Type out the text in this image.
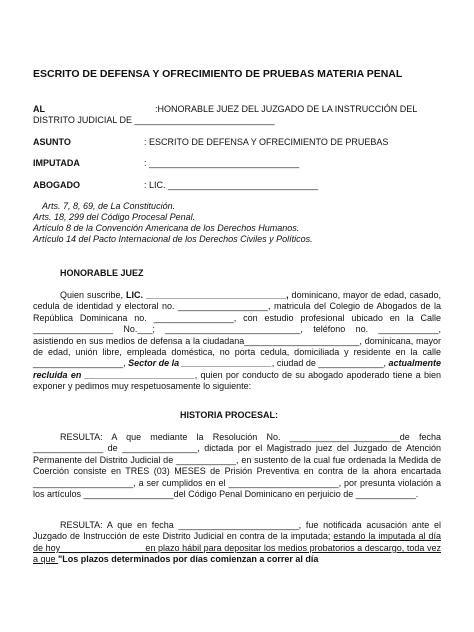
ESCRITO DE DEFENSA Y OFRECIMIENTO DE PRUEBAS MATERIA PENAL
AL	:HONORABLE JUEZ DEL JUZGADO DE LA INSTRUCCIÓN DEL
DISTRITO JUDICIAL DE ____________________________
ASUNTO	: ESCRITO DE DEFENSA Y OFRECIMIENTO DE PRUEBAS
IMPUTADA	: ______________________________
ABOGADO	: LIC. ______________________________
Arts. 7, 8, 69, de La Constitución.
Arts. 18, 299 del Código Procesal Penal.
Artículo 8 de la Convención Americana de los Derechos Humanos.
Artículo 14 del Pacto Internacional de los Derechos Civiles y Políticos.
HONORABLE JUEZ
Quien suscribe, LIC. ____________________________, dominicano, mayor de edad, casado, cedula de identidad y electoral no. __________________, matricula del Colegio de Abogados de la República Dominicana no. ________________, con estudio profesional ubicado en la Calle ________________ No.___; ___________________________, teléfono no. ____________, asistiendo en sus medios de defensa a la ciudadana_______________________, dominicana, mayor de edad, unión libre, empleada doméstica, no porta cedula, domiciliada y residente en la calle __________________, Sector de la __________________, ciudad de _____________, actualmente recluida en ______________________, quien por conducto de su abogado apoderado tiene a bien exponer y pedimos muy respetuosamente lo siguiente:
HISTORIA PROCESAL:
RESULTA: A que mediante la Resolución No. ______________________de fecha ______________ de _______________, dictada por el Magistrado juez del Juzgado de Atención Permanente del Distrito Judicial de ____________, en sustento de la cual fue ordenada la Medida de Coerción consiste en TRES (03) MESES de Prisión Preventiva en contra de la ahora encartada ____________________, a ser cumplidos en el ______________________, por presunta violación a los artículos __________________del Código Penal Dominicano en perjuicio de ____________.
RESULTA: A que en fecha ________________________, fue notificada acusación ante el Juzgado de Instrucción de este Distrito Judicial en contra de la imputada; estando la imputada al día de hoy ________________ en plazo hábil para depositar los medios probatorios a descargo, toda vez a que "Los plazos determinados por días comienzan a correr al día
